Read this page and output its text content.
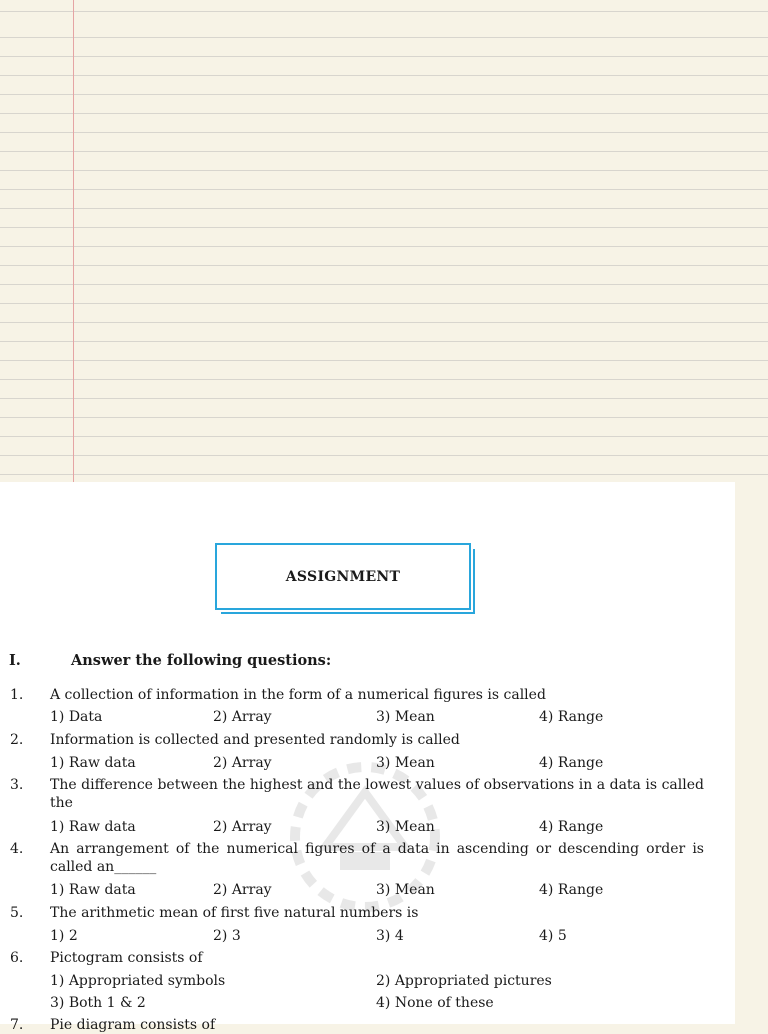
ASSIGNMENT
I.	Answer the following questions:
1. A collection of information in the form of a numerical figures is called
1) Data	2) Array	3) Mean	4) Range
2. Information is collected and presented randomly is called
1) Raw data	2) Array	3) Mean	4) Range
3. The difference between the highest and the lowest values of observations in a data is called the
1) Raw data	2) Array	3) Mean	4) Range
4. An arrangement of the numerical figures of a data in ascending or descending order is called an______
1) Raw data	2) Array	3) Mean	4) Range
5. The arithmetic mean of first five natural numbers is
1) 2	2) 3	3) 4	4) 5
6. Pictogram consists of
1) Appropriated symbols	2) Appropriated pictures
3) Both 1 & 2	4) None of these
7. Pie diagram consists of
